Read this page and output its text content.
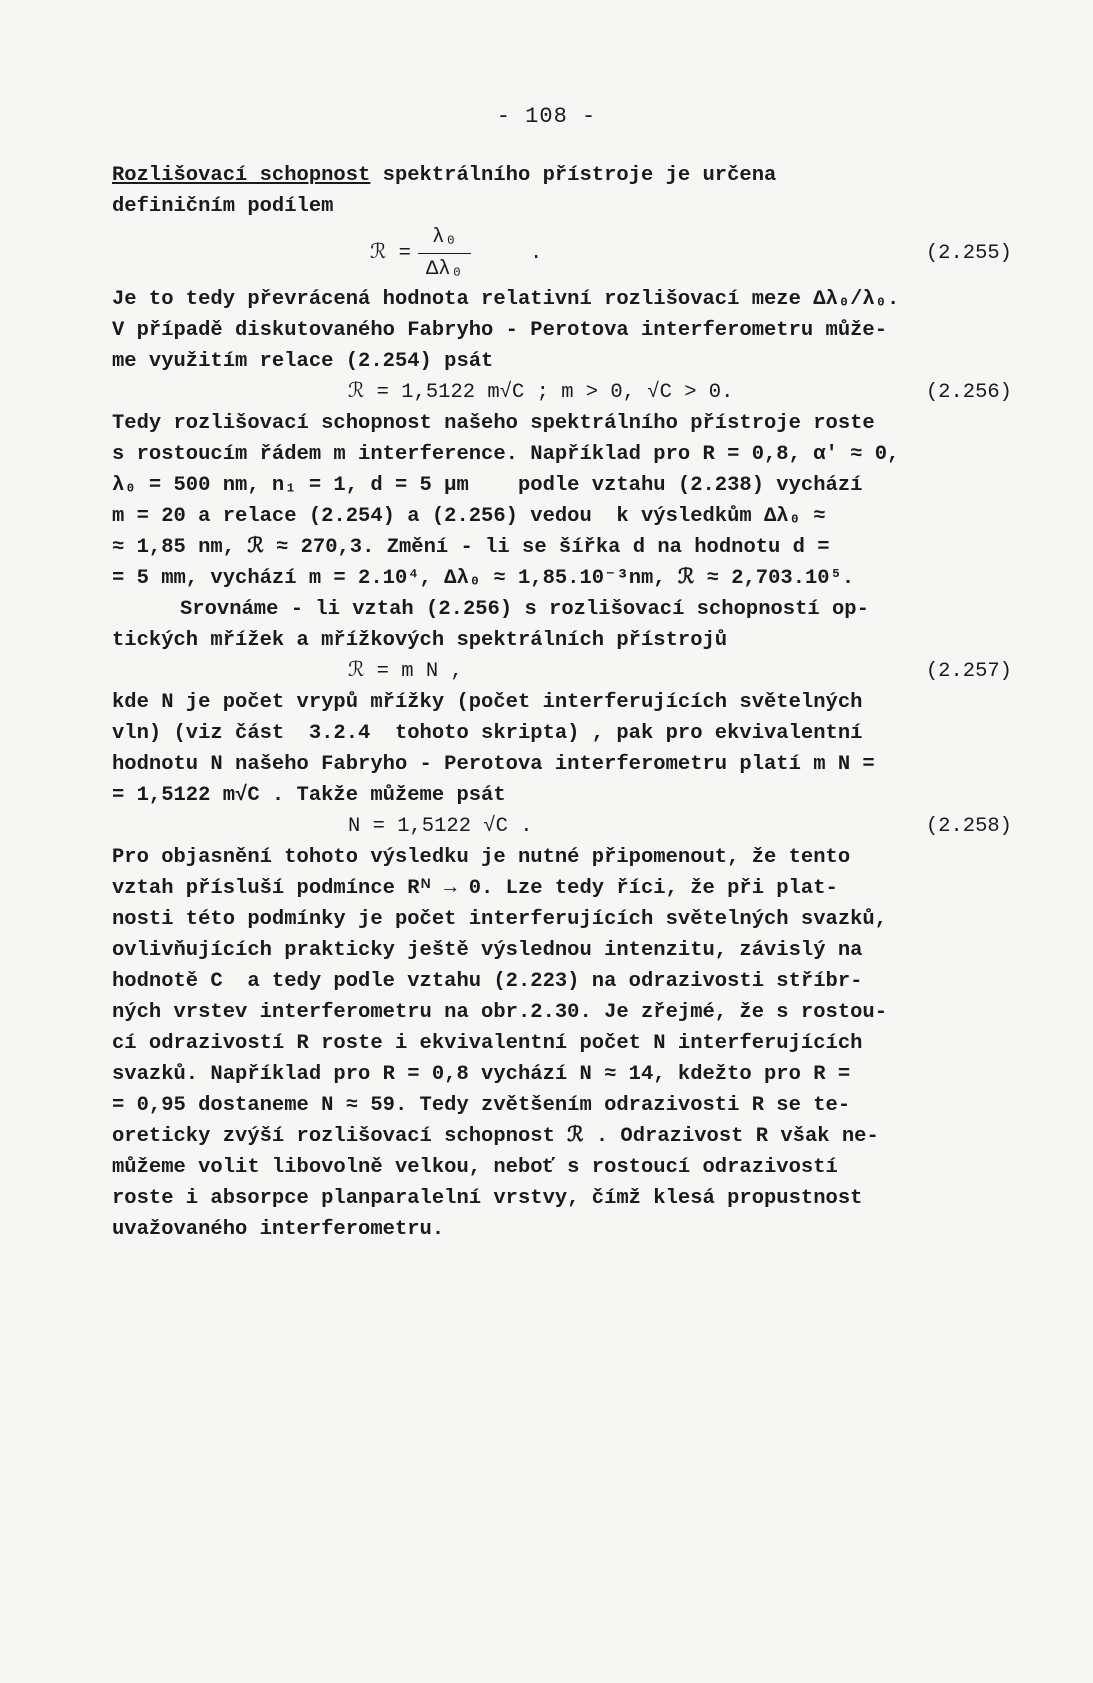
- 108 -
Rozlišovací schopnost spektrálního přístroje je určena
definičním podílem
ℛ = $\frac{\text{λ₀}}{\text{Δλ₀}}$	.	(2.255)
Je to tedy převrácená hodnota relativní rozlišovací meze Δλ₀/λ₀.
V případě diskutovaného Fabryho - Perotova interferometru může-
me využitím relace (2.254) psát
ℛ = 1,5122 m√C ; m > 0, √C > 0.	(2.256)
Tedy rozlišovací schopnost našeho spektrálního přístroje roste
s rostoucím řádem m interference. Například pro R = 0,8, α' ≈ 0,
λ₀ = 500 nm, n₁ = 1, d = 5 μm    podle vztahu (2.238) vychází
m = 20 a relace (2.254) a (2.256) vedou  k výsledkům Δλ₀ ≈
≈ 1,85 nm, ℛ ≈ 270,3. Změní - li se šířka d na hodnotu d =
= 5 mm, vychází m = 2.10⁴, Δλ₀ ≈ 1,85.10⁻³nm, ℛ ≈ 2,703.10⁵.
Srovnáme - li vztah (2.256) s rozlišovací schopností op-
tických mřížek a mřížkových spektrálních přístrojů
ℛ = m N ,	(2.257)
kde N je počet vrypů mřížky (počet interferujících světelných
vln) (viz část  3.2.4  tohoto skripta) , pak pro ekvivalentní
hodnotu N našeho Fabryho - Perotova interferometru platí m N =
= 1,5122 m√C . Takže můžeme psát
N = 1,5122 √C .	(2.258)
Pro objasnění tohoto výsledku je nutné připomenout, že tento
vztah přísluší podmínce Rᴺ → 0. Lze tedy říci, že při plat-
nosti této podmínky je počet interferujících světelných svazků,
ovlivňujících prakticky ještě výslednou intenzitu, závislý na
hodnotě C  a tedy podle vztahu (2.223) na odrazivosti stříbr-
ných vrstev interferometru na obr.2.30. Je zřejmé, že s rostou-
cí odrazivostí R roste i ekvivalentní počet N interferujících
svazků. Například pro R = 0,8 vychází N ≈ 14, kdežto pro R =
= 0,95 dostaneme N ≈ 59. Tedy zvětšením odrazivosti R se te-
oreticky zvýší rozlišovací schopnost ℛ . Odrazivost R však ne-
můžeme volit libovolně velkou, neboť s rostoucí odrazivostí
roste i absorpce planparalelní vrstvy, čímž klesá propustnost
uvažovaného interferometru.
